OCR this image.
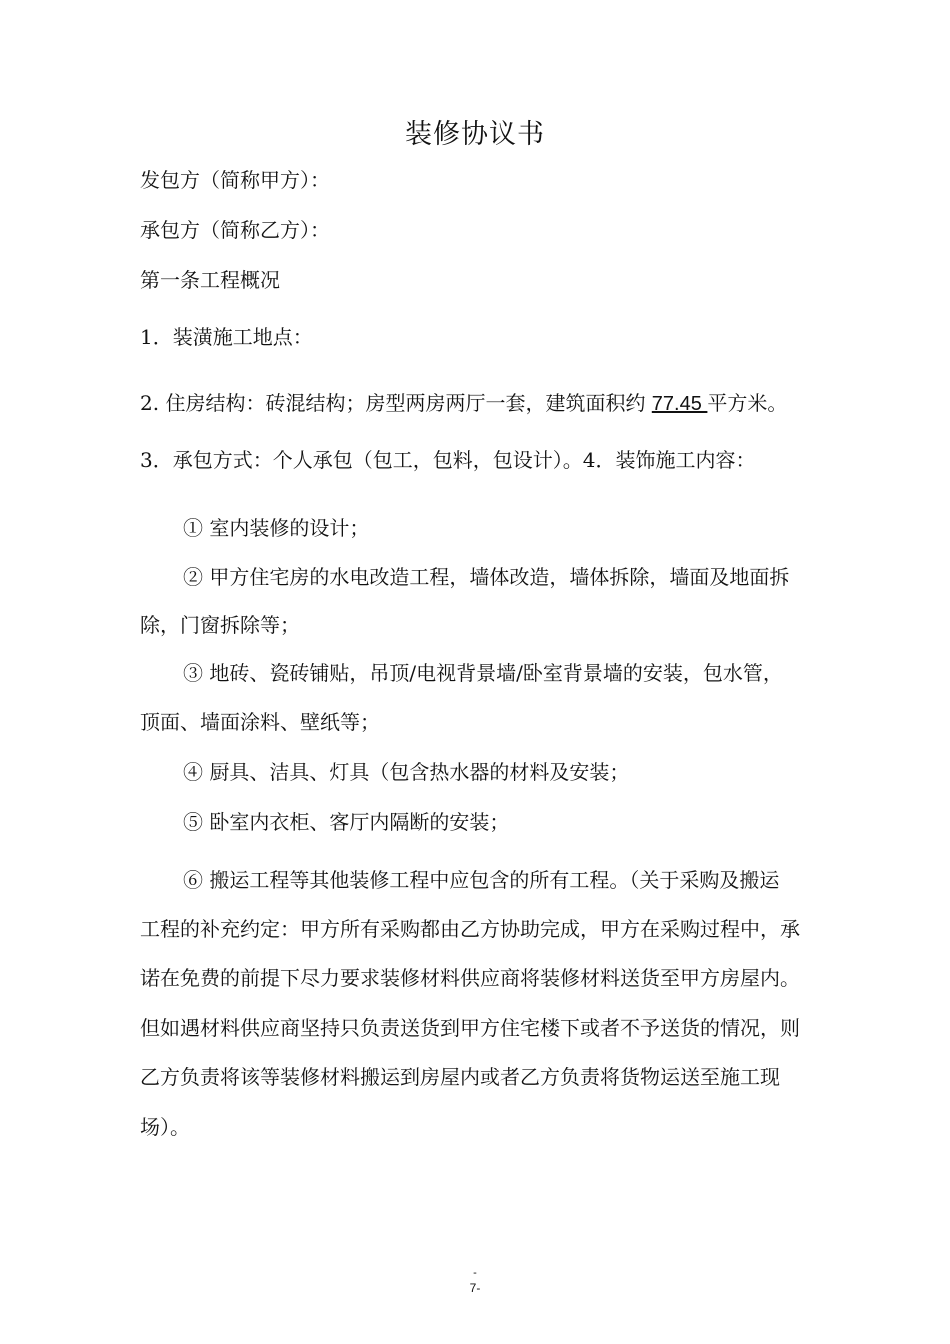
装修协议书
发包方（简称甲方）：
承包方（简称乙方）：
第一条工程概况
1．装潢施工地点：
2. 住房结构：砖混结构；房型两房两厅一套，建筑面积约 77.45 平方米。
3．承包方式：个人承包（包工，包料，包设计）。4．装饰施工内容：
① 室内装修的设计；
② 甲方住宅房的水电改造工程，墙体改造，墙体拆除，墙面及地面拆
除，门窗拆除等；
③ 地砖、瓷砖铺贴，吊顶/电视背景墙/卧室背景墙的安装，包水管，
顶面、墙面涂料、壁纸等；
④ 厨具、洁具、灯具（包含热水器的材料及安装；
⑤ 卧室内衣柜、客厅内隔断的安装；
⑥ 搬运工程等其他装修工程中应包含的所有工程。（关于采购及搬运
工程的补充约定：甲方所有采购都由乙方协助完成，甲方在采购过程中，承
诺在免费的前提下尽力要求装修材料供应商将装修材料送货至甲方房屋内。
但如遇材料供应商坚持只负责送货到甲方住宅楼下或者不予送货的情况，则
乙方负责将该等装修材料搬运到房屋内或者乙方负责将货物运送至施工现
场）。
-
7-
